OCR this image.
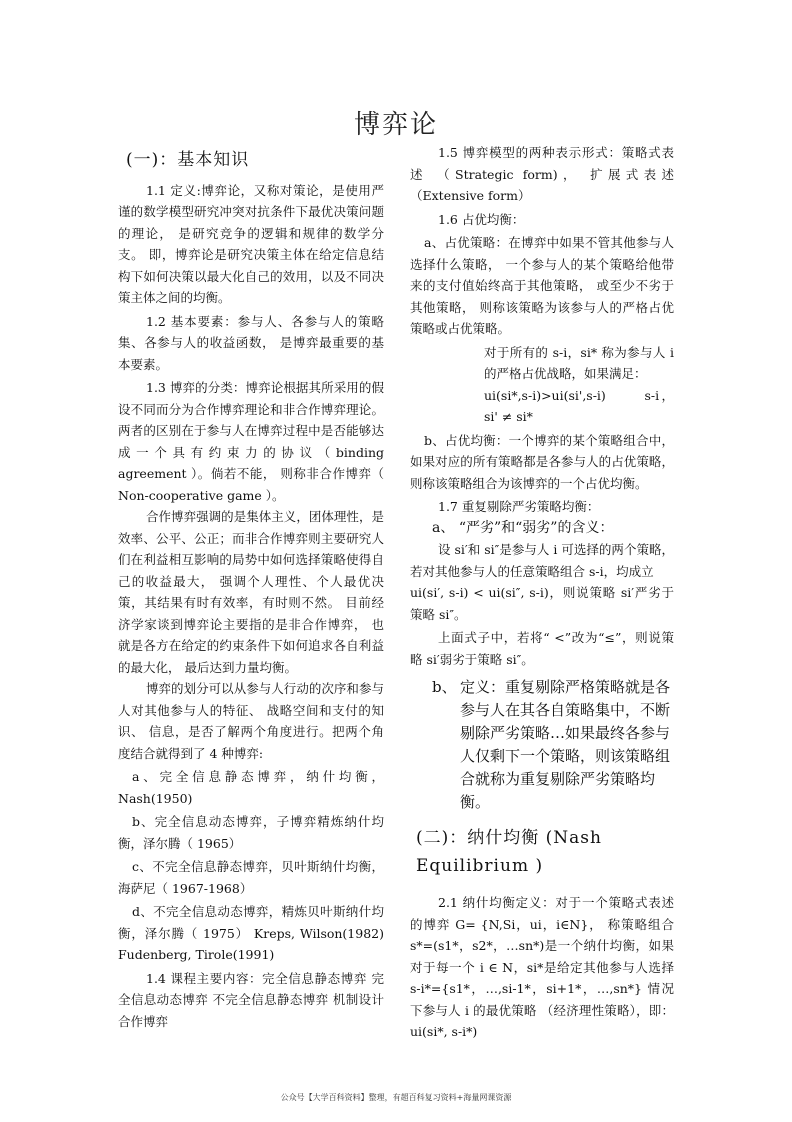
博弈论
(一)：基本知识

1.1 定义:博弈论，又称对策论，是使用严谨的数学模型研究冲突对抗条件下最优决策问题的理论， 是研究竞争的逻辑和规律的数学分支。 即，博弈论是研究决策主体在给定信息结构下如何决策以最大化自己的效用，以及不同决策主体之间的均衡。

1.2 基本要素：参与人、各参与人的策略集、各参与人的收益函数， 是博弈最重要的基本要素。

1.3 博弈的分类：博弈论根据其所采用的假设不同而分为合作博弈理论和非合作博弈理论。 两者的区别在于参与人在博弈过程中是否能够达成一个具有约束力的协议（binding agreement ）。倘若不能， 则称非合作博弈（ Non-cooperative game ）。

合作博弈强调的是集体主义，团体理性，是效率、公平、公正；而非合作博弈则主要研究人们在利益相互影响的局势中如何选择策略使得自己的收益最大， 强调个人理性、个人最优决策，其结果有时有效率，有时则不然。 目前经济学家谈到博弈论主要指的是非合作博弈， 也就是各方在给定的约束条件下如何追求各自利益的最大化， 最后达到力量均衡。

博弈的划分可以从参与人行动的次序和参与人对其他参与人的特征、 战略空间和支付的知识、 信息，是否了解两个角度进行。把两个角度结合就得到了 4 种博弈:

a、完全信息静态博弈，纳什均衡，Nash(1950)

b、完全信息动态博弈，子博弈精炼纳什均衡，泽尔腾（ 1965）

c、不完全信息静态博弈，贝叶斯纳什均衡，海萨尼（ 1967-1968）

d、不完全信息动态博弈，精炼贝叶斯纳什均衡，泽尔腾（ 1975） Kreps, Wilson(1982) Fudenberg, Tirole(1991)

1.4 课程主要内容：完全信息静态博弈 完全信息动态博弈 不完全信息静态博弈 机制设计 合作博弈

1.5 博弈模型的两种表示形式：策略式表述 （Strategic form)， 扩展式表述（Extensive form）

1.6 占优均衡：

a、占优策略：在博弈中如果不管其他参与人选择什么策略， 一个参与人的某个策略给他带来的支付值始终高于其他策略， 或至少不劣于其他策略， 则称该策略为该参与人的严格占优策略或占优策略。

对于所有的 s-i，si* 称为参与人 i 的严格占优战略，如果满足：

ui(si*,s-i)>ui(si',s-i)　　 s-i， si' ≠ si*

b、占优均衡：一个博弈的某个策略组合中， 如果对应的所有策略都是各参与人的占优策略， 则称该策略组合为该博弈的一个占优均衡。

1.7 重复剔除严劣策略均衡：

a、 “严劣”和“弱劣”的含义：

设 si′和 si″是参与人 i 可选择的两个策略，若对其他参与人的任意策略组合 s-i，均成立

ui(si′, s-i) < ui(si″, s-i)，则说策略 si′严劣于策略 si″。

上面式子中，若将“ <”改为“≤”，则说策略 si′弱劣于策略 si″。

b、 定义：重复剔除严格策略就是各参与人在其各自策略集中，不断剔除严劣策略…如果最终各参与人仅剩下一个策略，则该策略组合就称为重复剔除严劣策略均衡。
(二)：纳什均衡 (Nash Equilibrium )

2.1 纳什均衡定义：对于一个策略式表述的博弈 G= {N,Si，ui，i∈N}， 称策略组合 s*=(s1*，s2*，…sn*)是一个纳什均衡，如果对于每一个 i ∈ N，si*是给定其他参与人选择 s-i*={s1*，…,si-1*，si+1*，…,sn*} 情况下参与人 i 的最优策略 （经济理性策略），即：ui(si*, s-i*)

公众号【大学百科资料】整理，有超百科复习资料+海量网课资源
